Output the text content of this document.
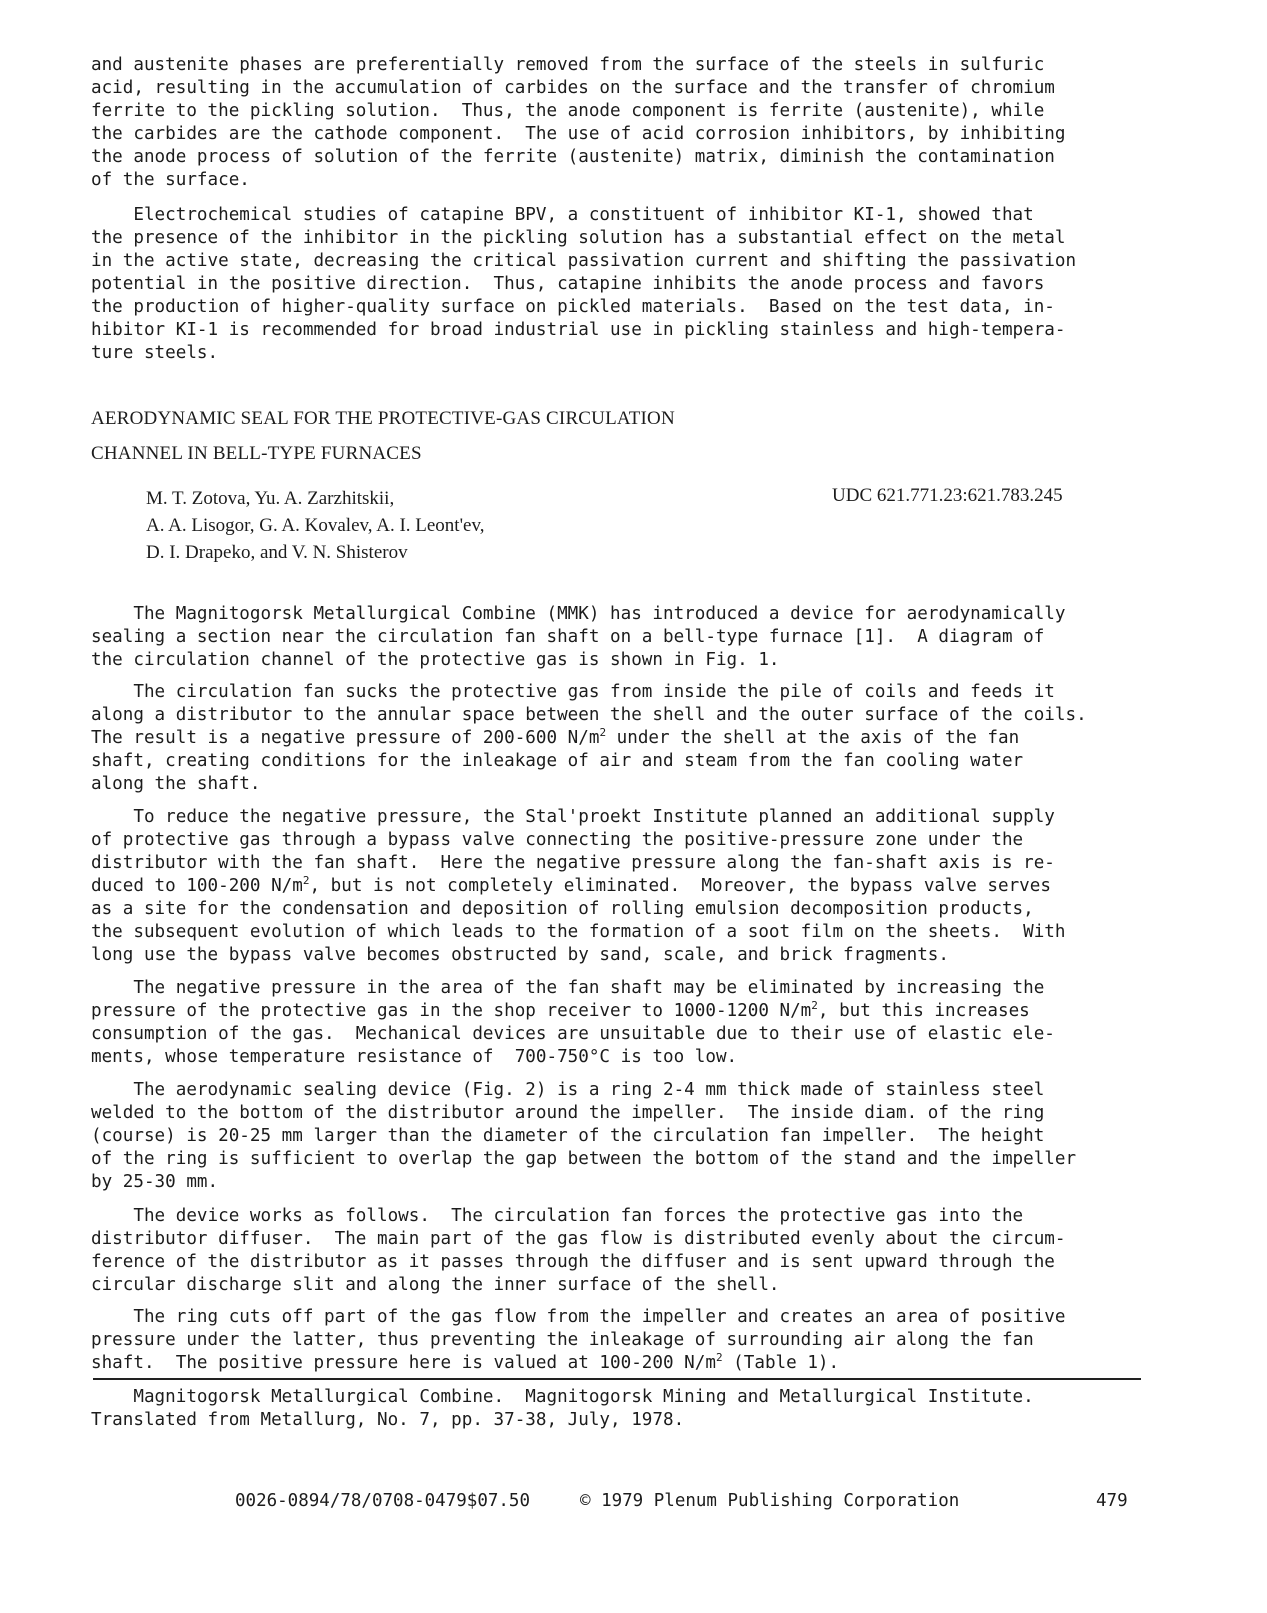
and austenite phases are preferentially removed from the surface of the steels in sulfuric
acid, resulting in the accumulation of carbides on the surface and the transfer of chromium
ferrite to the pickling solution.  Thus, the anode component is ferrite (austenite), while
the carbides are the cathode component.  The use of acid corrosion inhibitors, by inhibiting
the anode process of solution of the ferrite (austenite) matrix, diminish the contamination
of the surface.
Electrochemical studies of catapine BPV, a constituent of inhibitor KI-1, showed that
the presence of the inhibitor in the pickling solution has a substantial effect on the metal
in the active state, decreasing the critical passivation current and shifting the passivation
potential in the positive direction.  Thus, catapine inhibits the anode process and favors
the production of higher-quality surface on pickled materials.  Based on the test data, in-
hibitor KI-1 is recommended for broad industrial use in pickling stainless and high-tempera-
ture steels.
AERODYNAMIC SEAL FOR THE PROTECTIVE-GAS CIRCULATION
CHANNEL IN BELL-TYPE FURNACES
M. T. Zotova, Yu. A. Zarzhitskii,
A. A. Lisogor, G. A. Kovalev, A. I. Leont'ev,
D. I. Drapeko, and V. N. Shisterov
UDC 621.771.23:621.783.245
The Magnitogorsk Metallurgical Combine (MMK) has introduced a device for aerodynamically
sealing a section near the circulation fan shaft on a bell-type furnace [1].  A diagram of
the circulation channel of the protective gas is shown in Fig. 1.
The circulation fan sucks the protective gas from inside the pile of coils and feeds it
along a distributor to the annular space between the shell and the outer surface of the coils.
The result is a negative pressure of 200-600 $N/m^2$ under the shell at the axis of the fan
shaft, creating conditions for the inleakage of air and steam from the fan cooling water
along the shaft.
To reduce the negative pressure, the Stal'proekt Institute planned an additional supply
of protective gas through a bypass valve connecting the positive-pressure zone under the
distributor with the fan shaft.  Here the negative pressure along the fan-shaft axis is re-
duced to 100-200 $N/m^2$, but is not completely eliminated.  Moreover, the bypass valve serves
as a site for the condensation and deposition of rolling emulsion decomposition products,
the subsequent evolution of which leads to the formation of a soot film on the sheets.  With
long use the bypass valve becomes obstructed by sand, scale, and brick fragments.
The negative pressure in the area of the fan shaft may be eliminated by increasing the
pressure of the protective gas in the shop receiver to 1000-1200 $N/m^2$, but this increases
consumption of the gas.  Mechanical devices are unsuitable due to their use of elastic ele-
ments, whose temperature resistance of  700-750°C is too low.
The aerodynamic sealing device (Fig. 2) is a ring 2-4 mm thick made of stainless steel
welded to the bottom of the distributor around the impeller.  The inside diam. of the ring
(course) is 20-25 mm larger than the diameter of the circulation fan impeller.  The height
of the ring is sufficient to overlap the gap between the bottom of the stand and the impeller
by 25-30 mm.
The device works as follows.  The circulation fan forces the protective gas into the
distributor diffuser.  The main part of the gas flow is distributed evenly about the circum-
ference of the distributor as it passes through the diffuser and is sent upward through the
circular discharge slit and along the inner surface of the shell.
The ring cuts off part of the gas flow from the impeller and creates an area of positive
pressure under the latter, thus preventing the inleakage of surrounding air along the fan
shaft.  The positive pressure here is valued at 100-200 $N/m^2$ (Table 1).
Magnitogorsk Metallurgical Combine.  Magnitogorsk Mining and Metallurgical Institute.
Translated from Metallurg, No. 7, pp. 37-38, July, 1978.
0026-0894/78/0708-0479$07.50	© 1979 Plenum Publishing Corporation	479
